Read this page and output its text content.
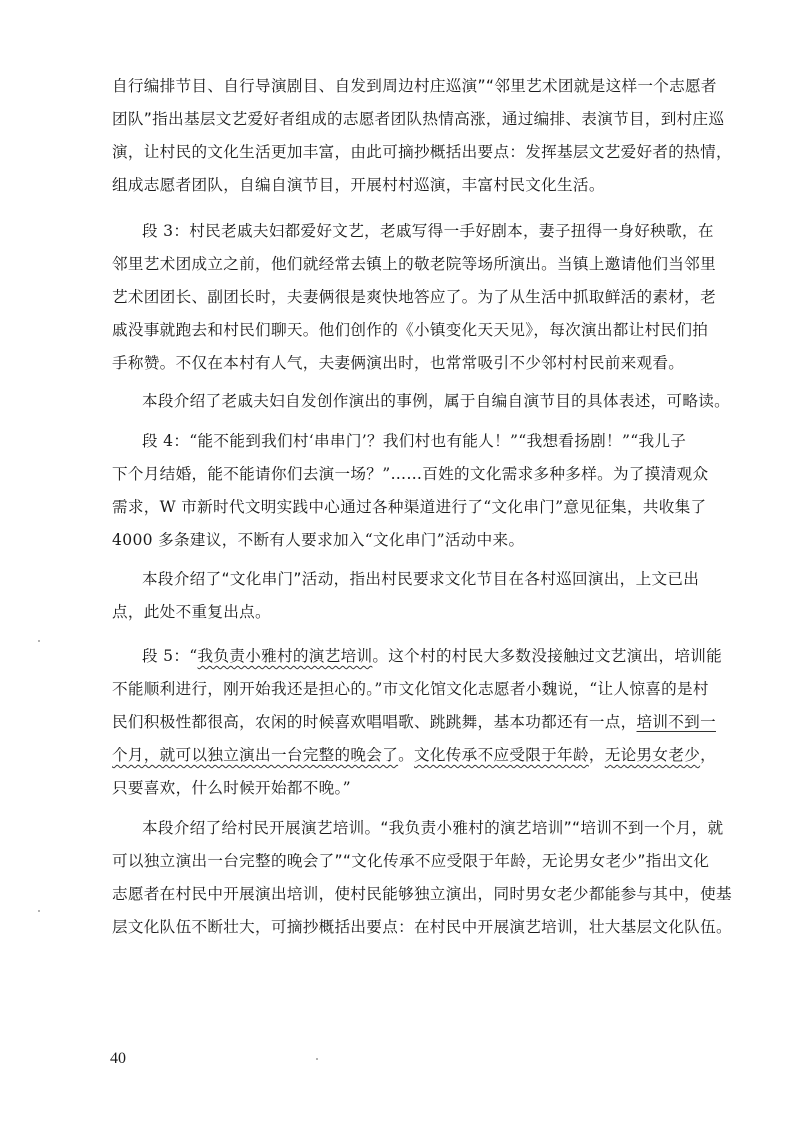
自行编排节目、自行导演剧目、自发到周边村庄巡演”“邻里艺术团就是这样一个志愿者
团队”指出基层文艺爱好者组成的志愿者团队热情高涨，通过编排、表演节目，到村庄巡
演，让村民的文化生活更加丰富，由此可摘抄概括出要点：发挥基层文艺爱好者的热情，
组成志愿者团队，自编自演节目，开展村村巡演，丰富村民文化生活。
段 3：村民老戚夫妇都爱好文艺，老戚写得一手好剧本，妻子扭得一身好秧歌，在
邻里艺术团成立之前，他们就经常去镇上的敬老院等场所演出。当镇上邀请他们当邻里
艺术团团长、副团长时，夫妻俩很是爽快地答应了。为了从生活中抓取鲜活的素材，老
戚没事就跑去和村民们聊天。他们创作的《小镇变化天天见》，每次演出都让村民们拍
手称赞。不仅在本村有人气，夫妻俩演出时，也常常吸引不少邻村村民前来观看。
本段介绍了老戚夫妇自发创作演出的事例，属于自编自演节目的具体表述，可略读。
段 4：“能不能到我们村‘串串门’？我们村也有能人！”“我想看扬剧！”“我儿子
下个月结婚，能不能请你们去演一场？”……百姓的文化需求多种多样。为了摸清观众
需求，W 市新时代文明实践中心通过各种渠道进行了“文化串门”意见征集，共收集了
4000 多条建议，不断有人要求加入“文化串门”活动中来。
本段介绍了“文化串门”活动，指出村民要求文化节目在各村巡回演出，上文已出
点，此处不重复出点。
段 5：“我负责小雅村的演艺培训。这个村的村民大多数没接触过文艺演出，培训能
不能顺利进行，刚开始我还是担心的。”市文化馆文化志愿者小魏说，“让人惊喜的是村
民们积极性都很高，农闲的时候喜欢唱唱歌、跳跳舞，基本功都还有一点，培训不到一
个月，就可以独立演出一台完整的晚会了。文化传承不应受限于年龄，无论男女老少，
只要喜欢，什么时候开始都不晚。”
本段介绍了给村民开展演艺培训。“我负责小雅村的演艺培训”“培训不到一个月，就
可以独立演出一台完整的晚会了”“文化传承不应受限于年龄，无论男女老少”指出文化
志愿者在村民中开展演出培训，使村民能够独立演出，同时男女老少都能参与其中，使基
层文化队伍不断壮大，可摘抄概括出要点：在村民中开展演艺培训，壮大基层文化队伍。
40
